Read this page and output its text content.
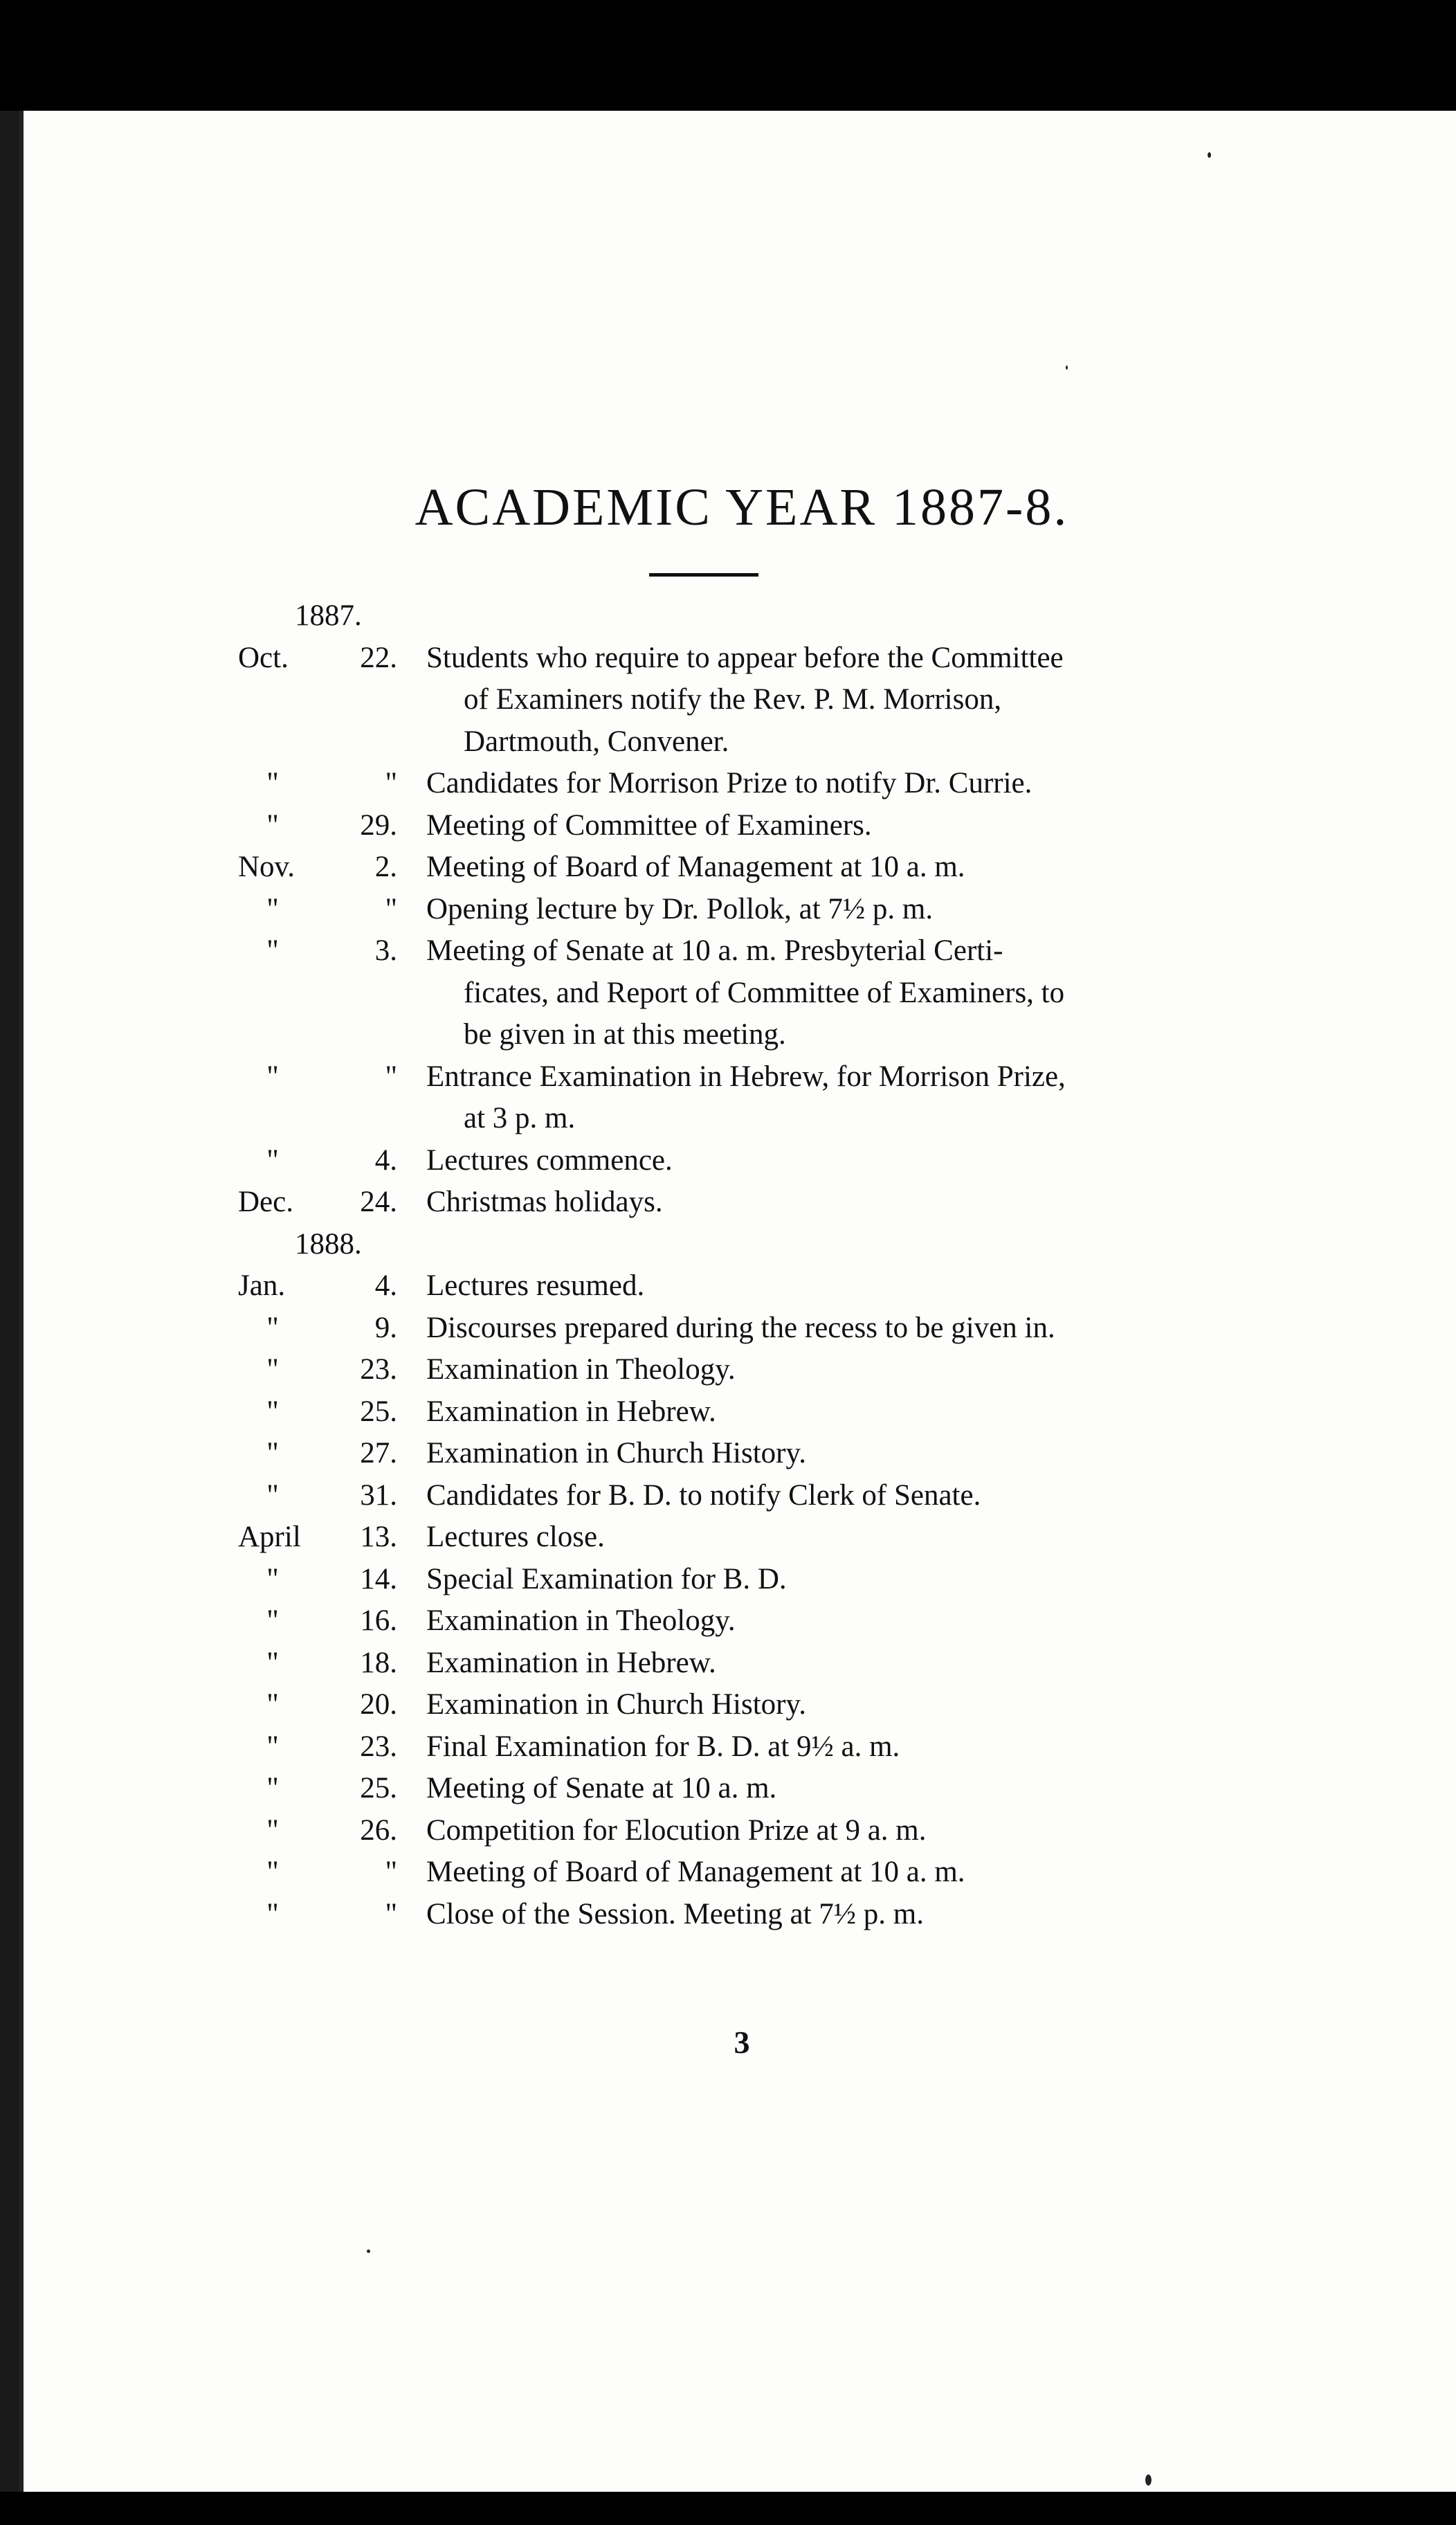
ACADEMIC YEAR 1887-8.
1887.
Oct.	22. Students who require to appear before the Committee
of Examiners notify the Rev. P. M. Morrison,
Dartmouth, Convener.
"	" Candidates for Morrison Prize to notify Dr. Currie.
"	29. Meeting of Committee of Examiners.
Nov.	2. Meeting of Board of Management at 10 a. m.
"	" Opening lecture by Dr. Pollok, at 7½ p. m.
"	3. Meeting of Senate at 10 a. m. Presbyterial Certi-
ficates, and Report of Committee of Examiners, to
be given in at this meeting.
"	" Entrance Examination in Hebrew, for Morrison Prize,
at 3 p. m.
"	4. Lectures commence.
Dec.	24. Christmas holidays.
1888.
Jan.	4. Lectures resumed.
"	9. Discourses prepared during the recess to be given in.
"	23. Examination in Theology.
"	25. Examination in Hebrew.
"	27. Examination in Church History.
"	31. Candidates for B. D. to notify Clerk of Senate.
April	13. Lectures close.
"	14. Special Examination for B. D.
"	16. Examination in Theology.
"	18. Examination in Hebrew.
"	20. Examination in Church History.
"	23. Final Examination for B. D. at 9½ a. m.
"	25. Meeting of Senate at 10 a. m.
"	26. Competition for Elocution Prize at 9 a. m.
"	" Meeting of Board of Management at 10 a. m.
"	" Close of the Session. Meeting at 7½ p. m.
3
